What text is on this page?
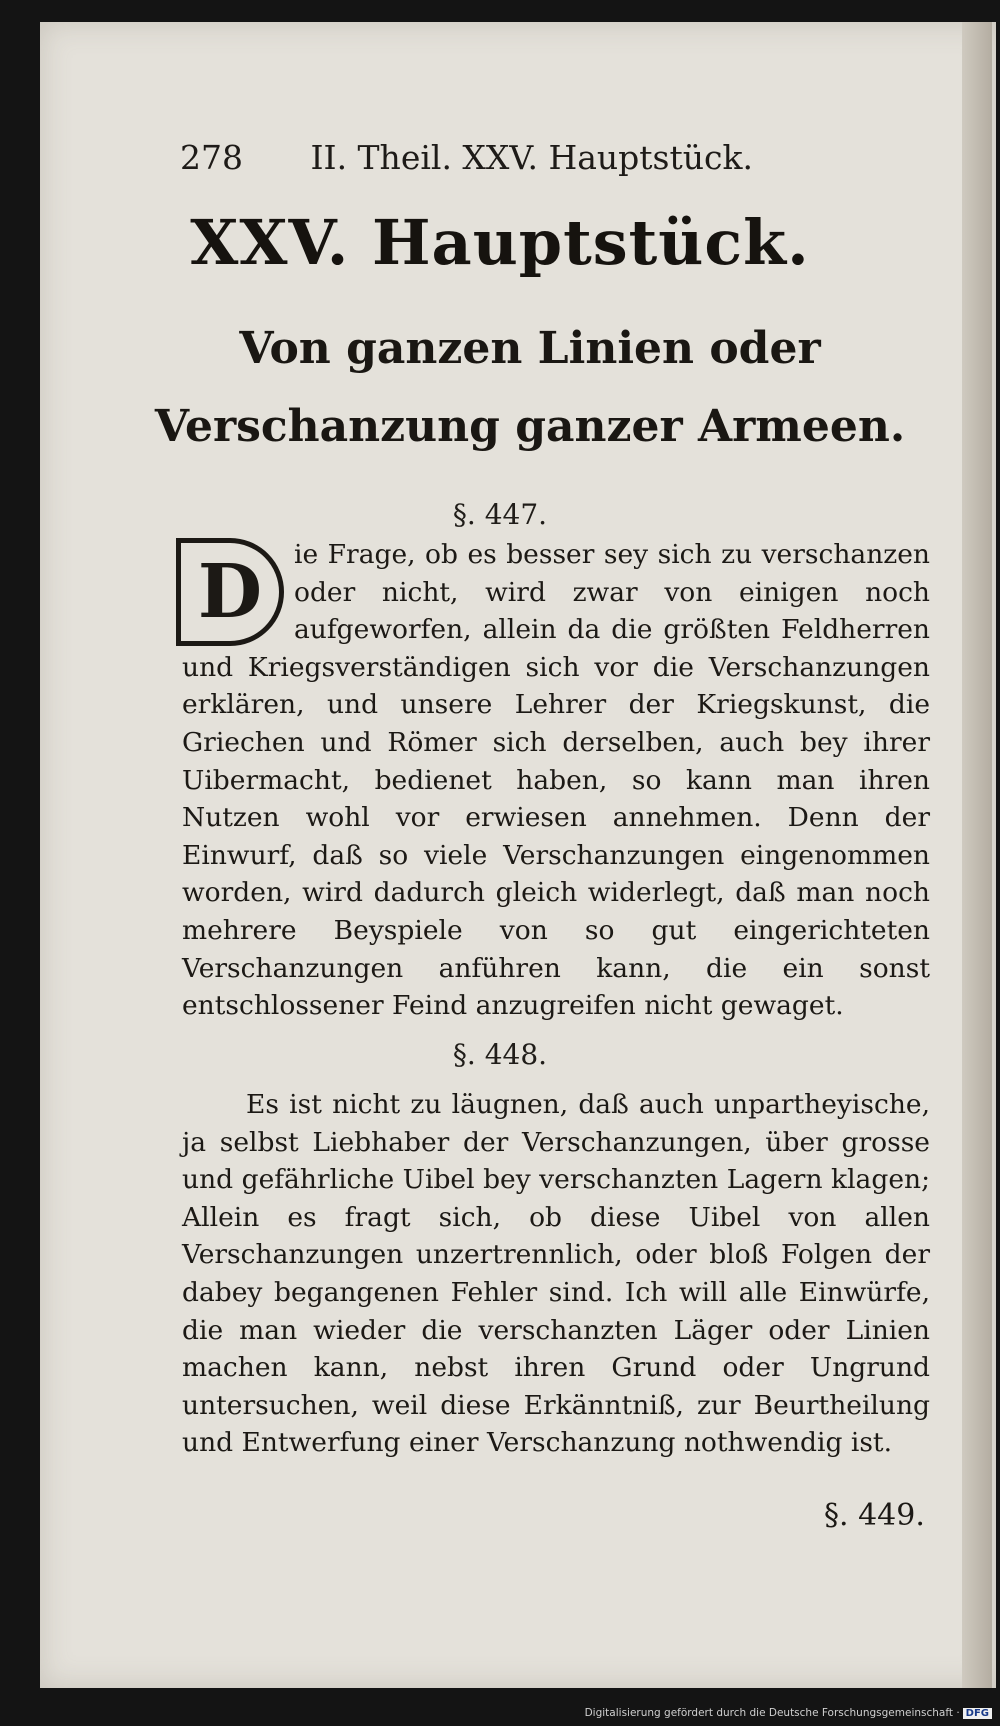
278 II. Theil. XXV. Hauptstück.
XXV. Hauptstück.
Von ganzen Linien oder Verschanzung ganzer Armeen.
§. 447.
D	ie Frage, ob es besser sey sich zu verschanzen oder nicht, wird zwar von einigen noch aufgeworfen, allein da die größten Feldherren und Kriegsverständigen sich vor die Verschanzungen erklären, und unsere Lehrer der Kriegskunst, die Griechen und Römer sich derselben, auch bey ihrer Uibermacht, bedienet haben, so kann man ihren Nutzen wohl vor erwiesen annehmen. Denn der Einwurf, daß so viele Verschanzungen eingenommen worden, wird dadurch gleich widerlegt, daß man noch mehrere Beyspiele von so gut eingerichteten Verschanzungen anführen kann, die ein sonst entschlossener Feind anzugreifen nicht gewaget.
§. 448.
Es ist nicht zu läugnen, daß auch unpartheyische, ja selbst Liebhaber der Verschanzungen, über grosse und gefährliche Uibel bey verschanzten Lagern klagen; Allein es fragt sich, ob diese Uibel von allen Verschanzungen unzertrennlich, oder bloß Folgen der dabey begangenen Fehler sind. Ich will alle Einwürfe, die man wieder die verschanzten Läger oder Linien machen kann, nebst ihren Grund oder Ungrund untersuchen, weil diese Erkänntniß, zur Beurtheilung und Entwerfung einer Verschanzung nothwendig ist.
§. 449.
Digitalisierung gefördert durch die Deutsche Forschungsgemeinschaft · DFG
